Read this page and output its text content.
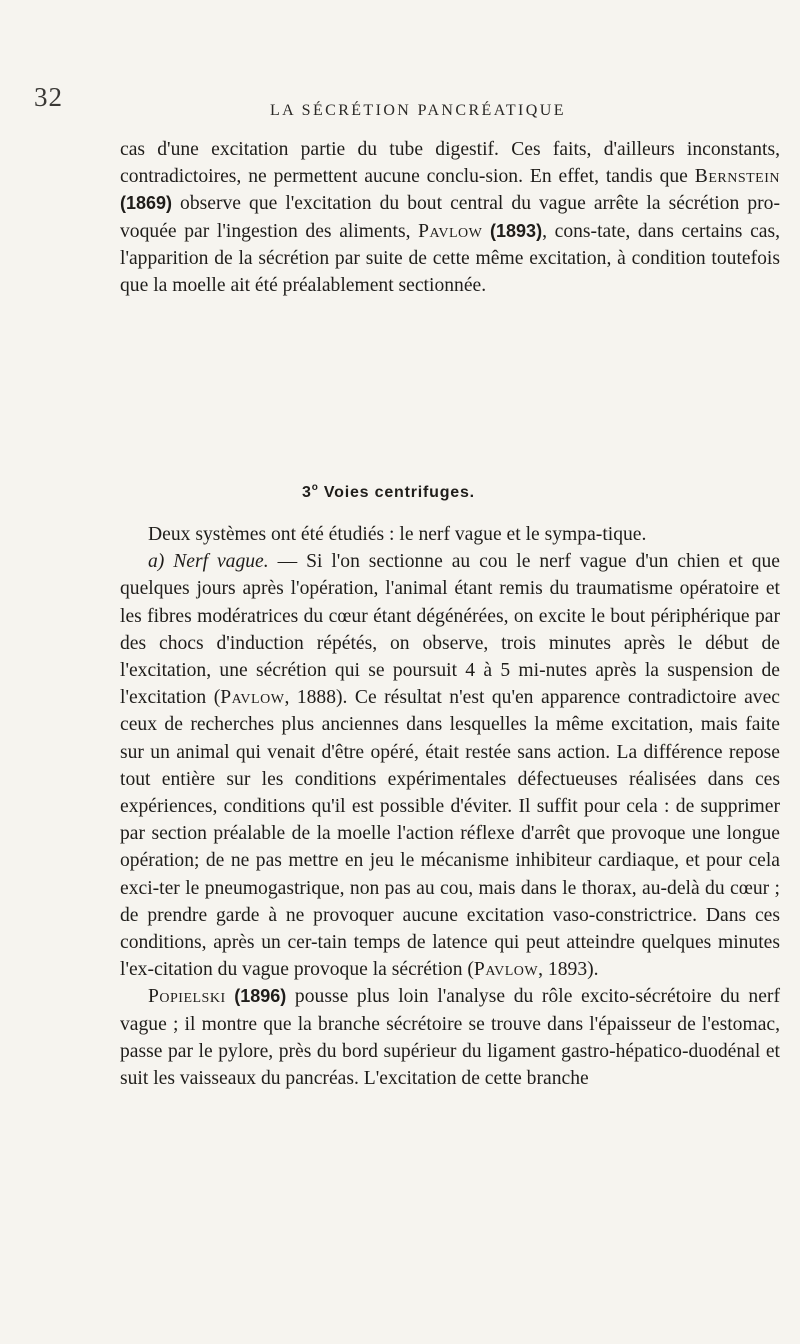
32	LA SÉCRÉTION PANCRÉATIQUE

cas d'une excitation partie du tube digestif. Ces faits, d'ailleurs inconstants, contradictoires, ne permettent aucune conclu-sion. En effet, tandis que Bernstein (1869) observe que l'excitation du bout central du vague arrête la sécrétion pro-voquée par l'ingestion des aliments, Pavlow (1893), cons-tate, dans certains cas, l'apparition de la sécrétion par suite de cette même excitation, à condition toutefois que la moelle ait été préalablement sectionnée.

3$^o$ Voies centrifuges.

Deux systèmes ont été étudiés : le nerf vague et le sympa-tique.

a) Nerf vague. — Si l'on sectionne au cou le nerf vague d'un chien et que quelques jours après l'opération, l'animal étant remis du traumatisme opératoire et les fibres modératrices du cœur étant dégénérées, on excite le bout périphérique par des chocs d'induction répétés, on observe, trois minutes après le début de l'excitation, une sécrétion qui se poursuit 4 à 5 mi-nutes après la suspension de l'excitation (Pavlow, 1888). Ce résultat n'est qu'en apparence contradictoire avec ceux de recherches plus anciennes dans lesquelles la même excitation, mais faite sur un animal qui venait d'être opéré, était restée sans action. La différence repose tout entière sur les conditions expérimentales défectueuses réalisées dans ces expériences, conditions qu'il est possible d'éviter. Il suffit pour cela : de supprimer par section préalable de la moelle l'action réflexe d'arrêt que provoque une longue opération; de ne pas mettre en jeu le mécanisme inhibiteur cardiaque, et pour cela exci-ter le pneumogastrique, non pas au cou, mais dans le thorax, au-delà du cœur ; de prendre garde à ne provoquer aucune excitation vaso-constrictrice. Dans ces conditions, après un cer-tain temps de latence qui peut atteindre quelques minutes l'ex-citation du vague provoque la sécrétion (Pavlow, 1893).

Popielski (1896) pousse plus loin l'analyse du rôle excito-sécrétoire du nerf vague ; il montre que la branche sécrétoire se trouve dans l'épaisseur de l'estomac, passe par le pylore, près du bord supérieur du ligament gastro-hépatico-duodénal et suit les vaisseaux du pancréas. L'excitation de cette branche
